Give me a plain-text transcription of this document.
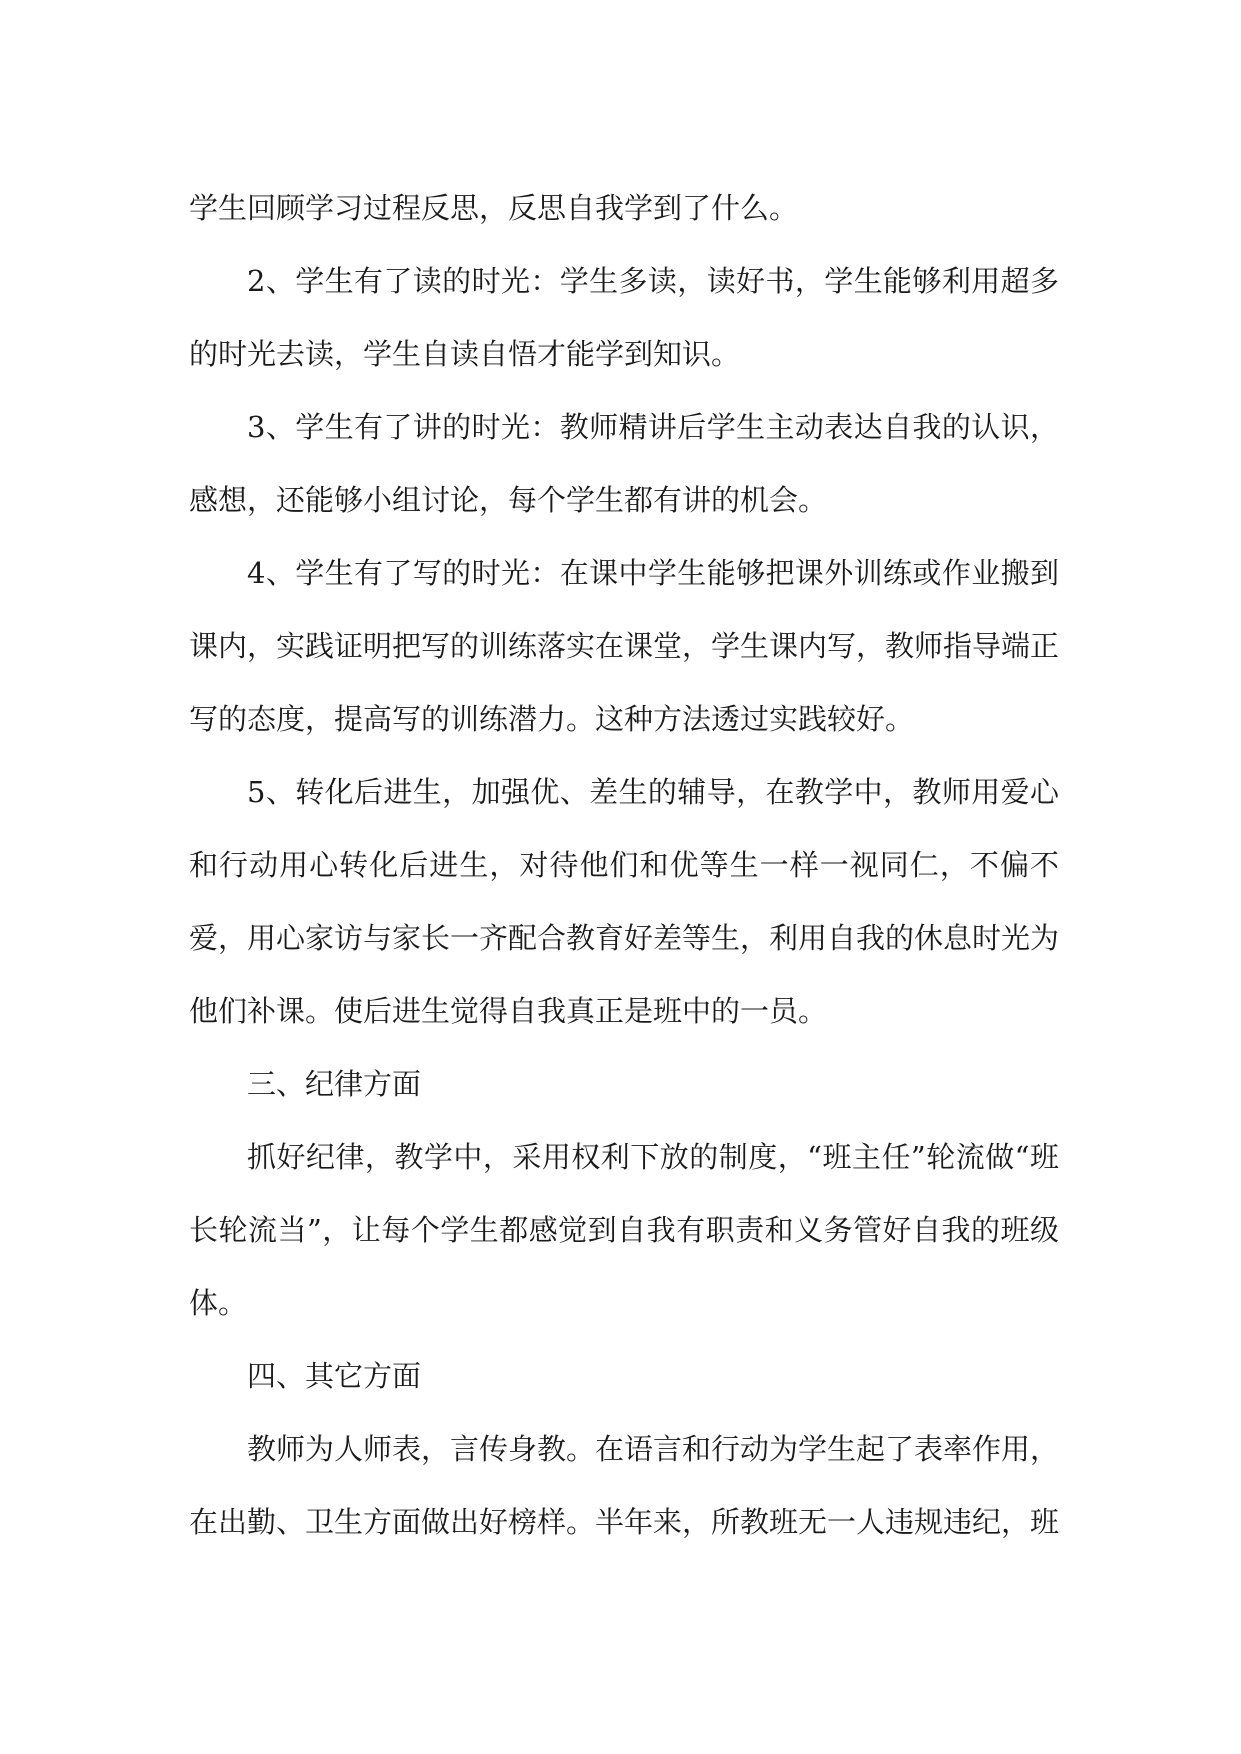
学生回顾学习过程反思，反思自我学到了什么。

2、学生有了读的时光：学生多读，读好书，学生能够利用超多的时光去读，学生自读自悟才能学到知识。

3、学生有了讲的时光：教师精讲后学生主动表达自我的认识，感想，还能够小组讨论，每个学生都有讲的机会。

4、学生有了写的时光：在课中学生能够把课外训练或作业搬到课内，实践证明把写的训练落实在课堂，学生课内写，教师指导端正写的态度，提高写的训练潜力。这种方法透过实践较好。

5、转化后进生，加强优、差生的辅导，在教学中，教师用爱心和行动用心转化后进生，对待他们和优等生一样一视同仁，不偏不爱，用心家访与家长一齐配合教育好差等生，利用自我的休息时光为他们补课。使后进生觉得自我真正是班中的一员。

三、纪律方面

抓好纪律，教学中，采用权利下放的制度，“班主任”轮流做“班长轮流当”，让每个学生都感觉到自我有职责和义务管好自我的班级体。

四、其它方面

教师为人师表，言传身教。在语言和行动为学生起了表率作用，在出勤、卫生方面做出好榜样。半年来，所教班无一人违规违纪，班
